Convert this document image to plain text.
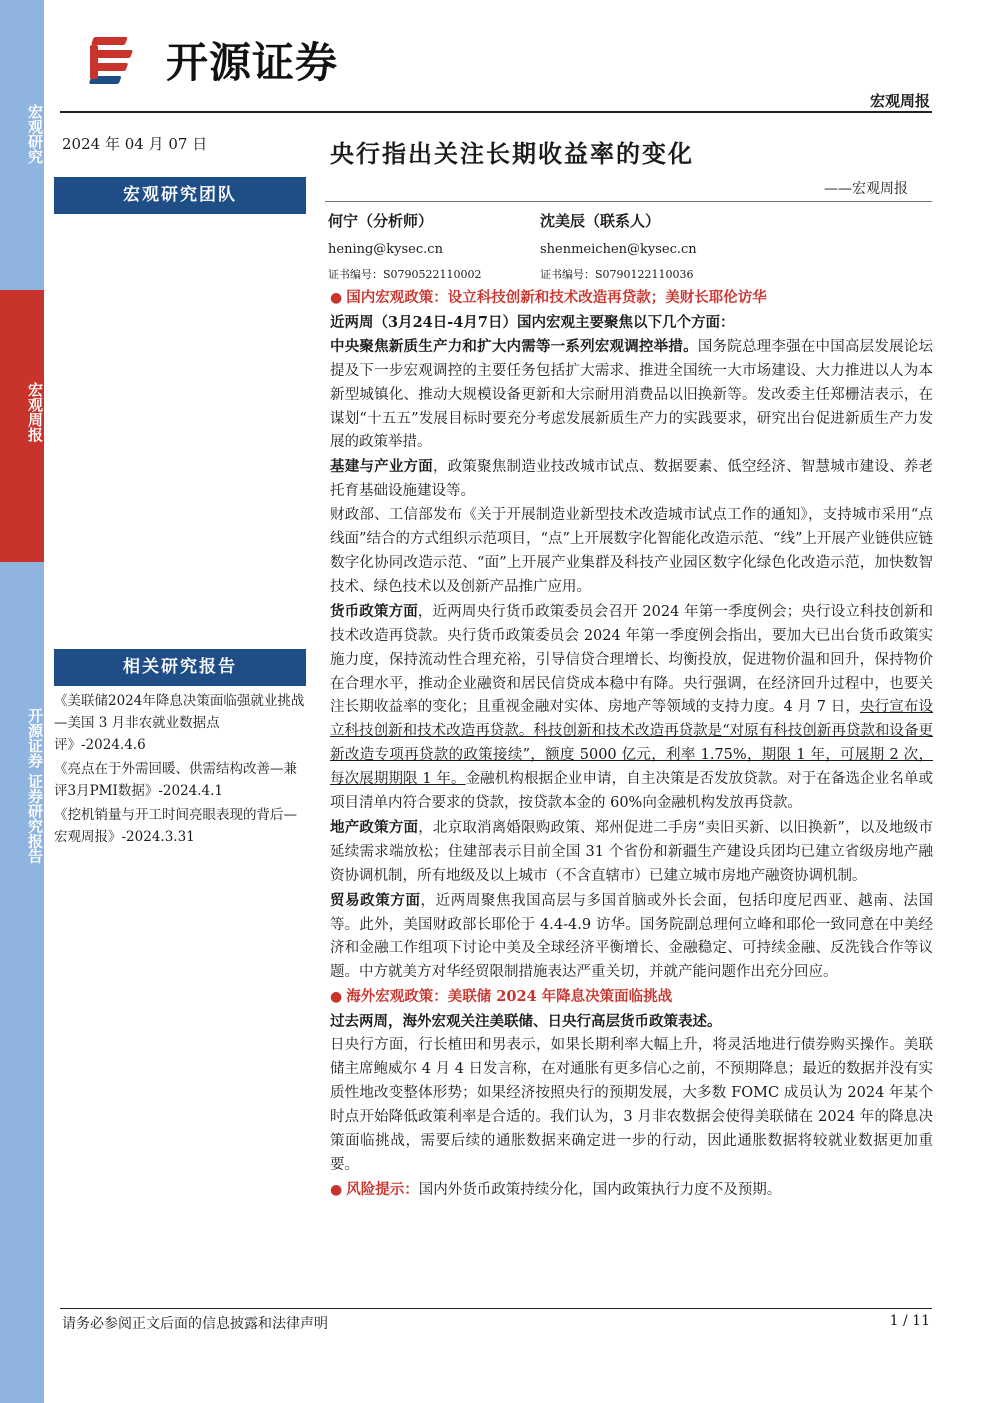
宏观研究
宏观周报
开源证券 证券研究报告
开源证券
宏观周报
2024 年 04 月 07 日	央行指出关注长期收益率的变化
——宏观周报
宏观研究团队
何宁（分析师）
hening@kysec.cn
证书编号：S0790522110002
沈美辰（联系人）
shenmeichen@kysec.cn
证书编号：S0790122110036
相关研究报告

《美联储2024年降息决策面临强就业挑战—美国 3 月非农就业数据点评》-2024.4.6

《亮点在于外需回暖、供需结构改善—兼评3月PMI数据》-2024.4.1

《挖机销量与开工时间亮眼表现的背后—宏观周报》-2024.3.31

● 国内宏观政策：设立科技创新和技术改造再贷款；美财长耶伦访华

近两周（3月24日-4月7日）国内宏观主要聚焦以下几个方面：

中央聚焦新质生产力和扩大内需等一系列宏观调控举措。国务院总理李强在中国高层发展论坛提及下一步宏观调控的主要任务包括扩大需求、推进全国统一大市场建设、大力推进以人为本新型城镇化、推动大规模设备更新和大宗耐用消费品以旧换新等。发改委主任郑栅洁表示，在谋划“十五五”发展目标时要充分考虑发展新质生产力的实践要求，研究出台促进新质生产力发展的政策举措。

基建与产业方面，政策聚焦制造业技改城市试点、数据要素、低空经济、智慧城市建设、养老托育基础设施建设等。

财政部、工信部发布《关于开展制造业新型技术改造城市试点工作的通知》，支持城市采用“点线面”结合的方式组织示范项目，“点”上开展数字化智能化改造示范、“线”上开展产业链供应链数字化协同改造示范、“面”上开展产业集群及科技产业园区数字化绿色化改造示范，加快数智技术、绿色技术以及创新产品推广应用。

货币政策方面，近两周央行货币政策委员会召开 2024 年第一季度例会；央行设立科技创新和技术改造再贷款。央行货币政策委员会 2024 年第一季度例会指出，要加大已出台货币政策实施力度，保持流动性合理充裕，引导信贷合理增长、均衡投放，促进物价温和回升，保持物价在合理水平，推动企业融资和居民信贷成本稳中有降。央行强调，在经济回升过程中，也要关注长期收益率的变化；且重视金融对实体、房地产等领域的支持力度。4 月 7 日，央行宣布设立科技创新和技术改造再贷款。科技创新和技术改造再贷款是“对原有科技创新再贷款和设备更新改造专项再贷款的政策接续”，额度 5000 亿元，利率 1.75%，期限 1 年，可展期 2 次，每次展期期限 1 年。金融机构根据企业申请，自主决策是否发放贷款。对于在备选企业名单或项目清单内符合要求的贷款，按贷款本金的 60%向金融机构发放再贷款。

地产政策方面，北京取消离婚限购政策、郑州促进二手房“卖旧买新、以旧换新”，以及地级市延续需求端放松；住建部表示目前全国 31 个省份和新疆生产建设兵团均已建立省级房地产融资协调机制，所有地级及以上城市（不含直辖市）已建立城市房地产融资协调机制。

贸易政策方面，近两周聚焦我国高层与多国首脑或外长会面，包括印度尼西亚、越南、法国等。此外，美国财政部长耶伦于 4.4-4.9 访华。国务院副总理何立峰和耶伦一致同意在中美经济和金融工作组项下讨论中美及全球经济平衡增长、金融稳定、可持续金融、反洗钱合作等议题。中方就美方对华经贸限制措施表达严重关切，并就产能问题作出充分回应。

● 海外宏观政策：美联储 2024 年降息决策面临挑战

过去两周，海外宏观关注美联储、日央行高层货币政策表述。

日央行方面，行长植田和男表示，如果长期利率大幅上升，将灵活地进行债券购买操作。美联储主席鲍威尔 4 月 4 日发言称，在对通胀有更多信心之前，不预期降息；最近的数据并没有实质性地改变整体形势；如果经济按照央行的预期发展，大多数 FOMC 成员认为 2024 年某个时点开始降低政策利率是合适的。我们认为，3 月非农数据会使得美联储在 2024 年的降息决策面临挑战，需要后续的通胀数据来确定进一步的行动，因此通胀数据将较就业数据更加重要。

● 风险提示：国内外货币政策持续分化，国内政策执行力度不及预期。

请务必参阅正文后面的信息披露和法律声明	1 / 11
